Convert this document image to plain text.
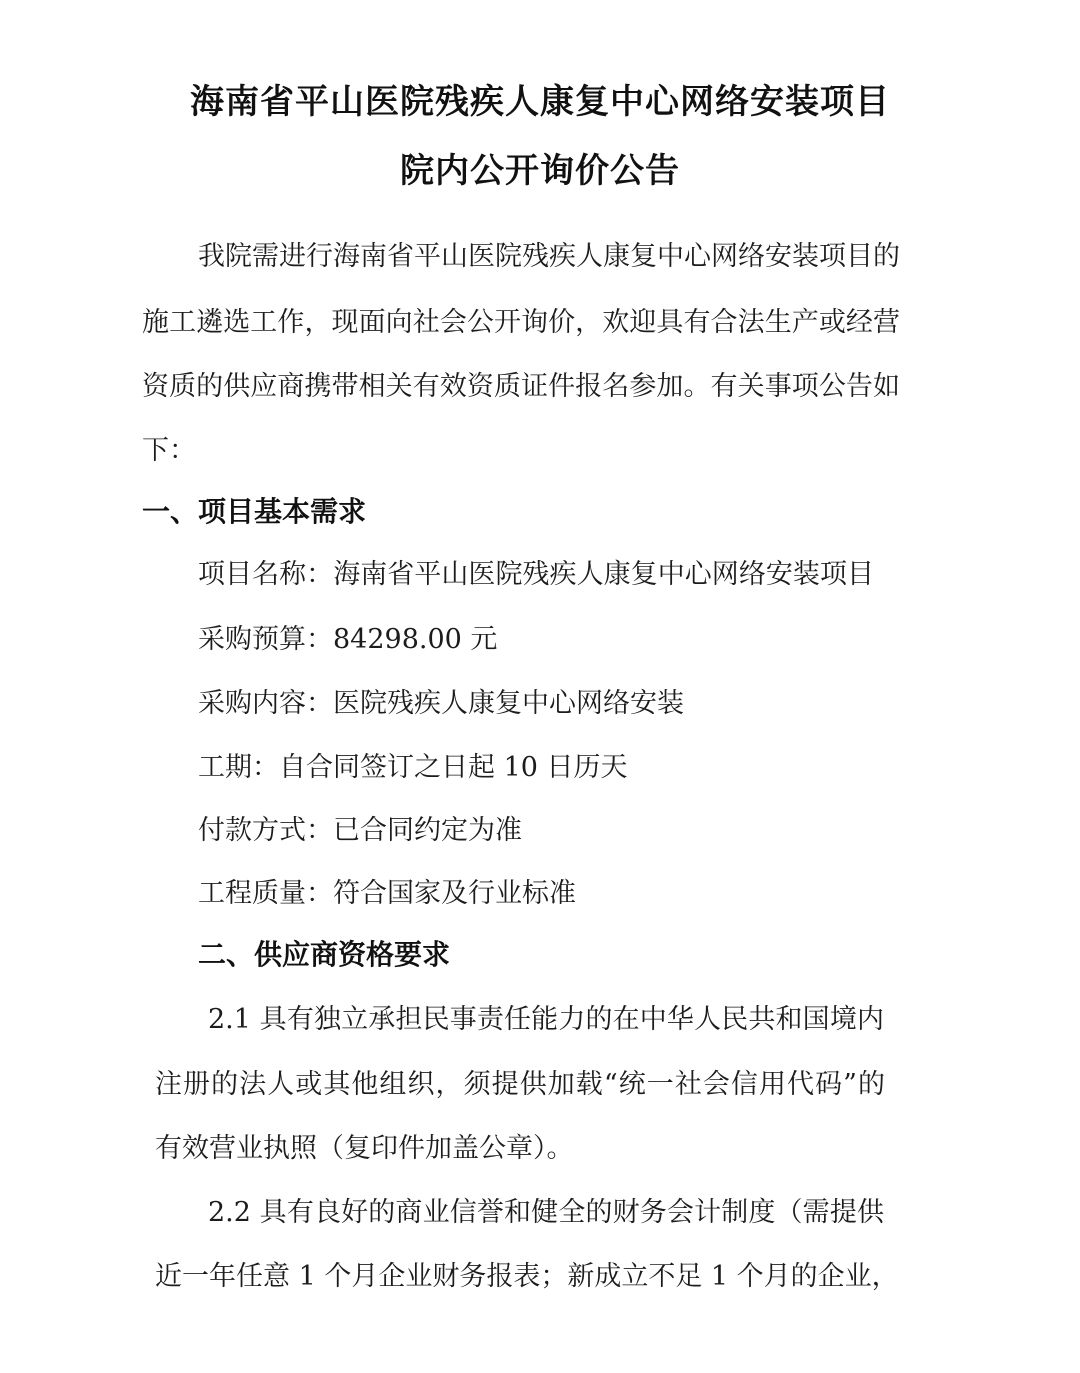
海南省平山医院残疾人康复中心网络安装项目
院内公开询价公告
我院需进行海南省平山医院残疾人康复中心网络安装项目的
施工遴选工作，现面向社会公开询价，欢迎具有合法生产或经营
资质的供应商携带相关有效资质证件报名参加。有关事项公告如
下：
一、项目基本需求
项目名称：海南省平山医院残疾人康复中心网络安装项目
采购预算：84298.00 元
采购内容：医院残疾人康复中心网络安装
工期：自合同签订之日起 10 日历天
付款方式：已合同约定为准
工程质量：符合国家及行业标准
二、供应商资格要求
2.1 具有独立承担民事责任能力的在中华人民共和国境内
注册的法人或其他组织，须提供加载“统一社会信用代码”的
有效营业执照（复印件加盖公章）。
2.2 具有良好的商业信誉和健全的财务会计制度（需提供
近一年任意 1 个月企业财务报表；新成立不足 1 个月的企业，
